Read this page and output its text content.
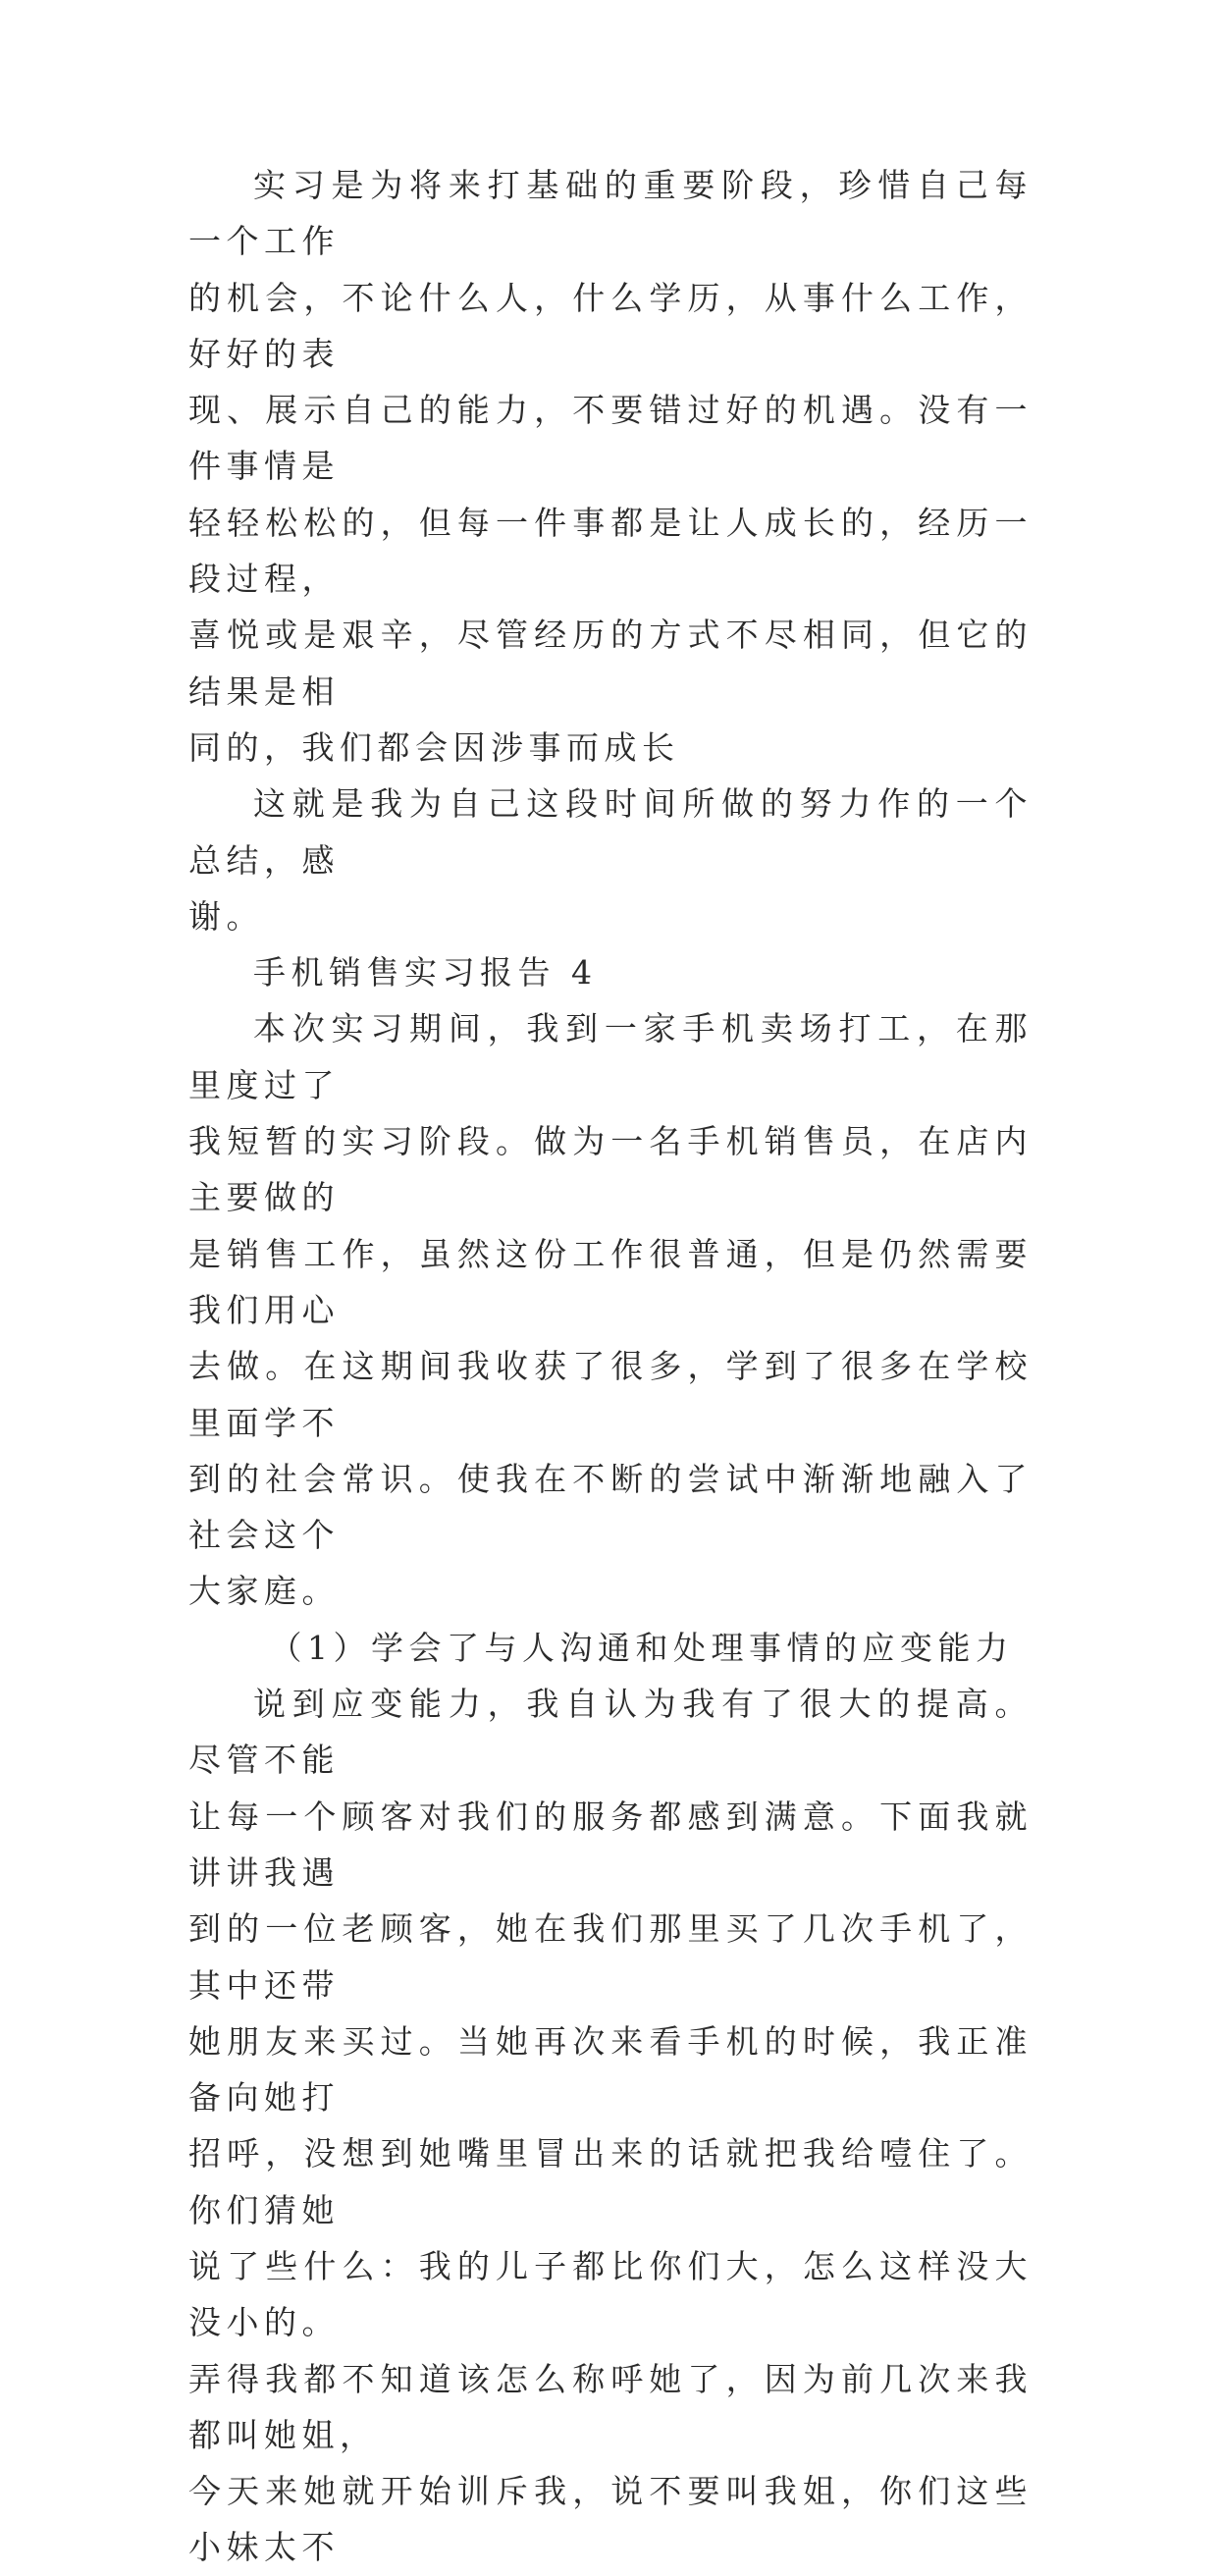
实习是为将来打基础的重要阶段，珍惜自己每一个工作
的机会，不论什么人，什么学历，从事什么工作，好好的表
现、展示自己的能力，不要错过好的机遇。没有一件事情是
轻轻松松的，但每一件事都是让人成长的，经历一段过程，
喜悦或是艰辛，尽管经历的方式不尽相同，但它的结果是相
同的，我们都会因涉事而成长

这就是我为自己这段时间所做的努力作的一个总结，感
谢。

手机销售实习报告 4

本次实习期间，我到一家手机卖场打工，在那里度过了
我短暂的实习阶段。做为一名手机销售员，在店内主要做的
是销售工作，虽然这份工作很普通，但是仍然需要我们用心
去做。在这期间我收获了很多，学到了很多在学校里面学不
到的社会常识。使我在不断的尝试中渐渐地融入了社会这个
大家庭。

（1）学会了与人沟通和处理事情的应变能力

说到应变能力，我自认为我有了很大的提高。尽管不能
让每一个顾客对我们的服务都感到满意。下面我就讲讲我遇
到的一位老顾客，她在我们那里买了几次手机了，其中还带
她朋友来买过。当她再次来看手机的时候，我正准备向她打
招呼，没想到她嘴里冒出来的话就把我给噎住了。你们猜她
说了些什么：我的儿子都比你们大，怎么这样没大没小的。
弄得我都不知道该怎么称呼她了，因为前几次来我都叫她姐，
今天来她就开始训斥我，说不要叫我姐，你们这些小妹太不
